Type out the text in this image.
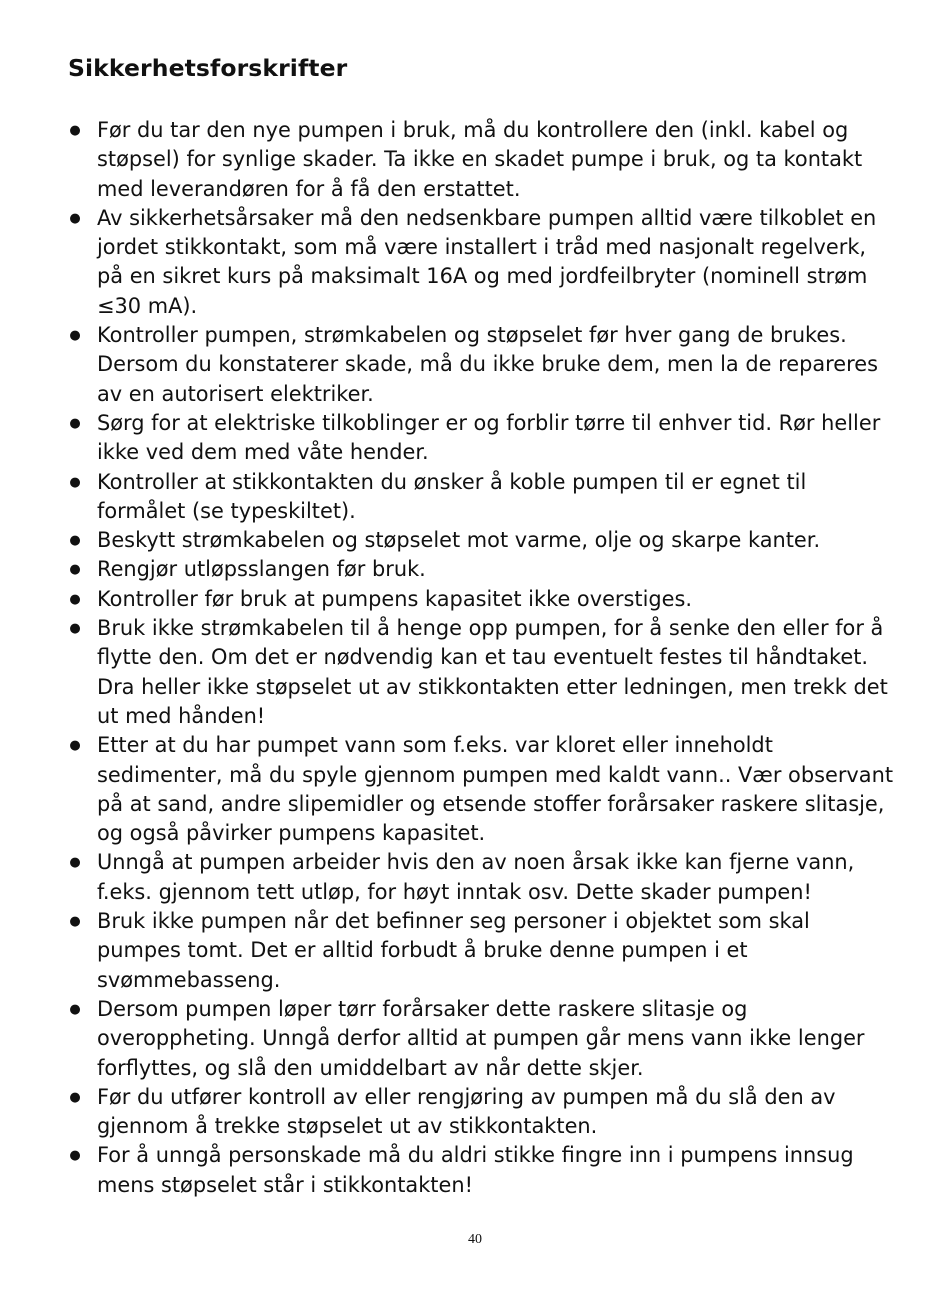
Sikkerhetsforskrifter
● Før du tar den nye pumpen i bruk, må du kontrollere den (inkl. kabel og støpsel) for synlige skader. Ta ikke en skadet pumpe i bruk, og ta kontakt med leverandøren for å få den erstattet.
● Av sikkerhetsårsaker må den nedsenkbare pumpen alltid være tilkoblet en jordet stikkontakt, som må være installert i tråd med nasjonalt regelverk, på en sikret kurs på maksimalt 16A og med jordfeilbryter (nominell strøm ≤30 mA).
● Kontroller pumpen, strømkabelen og støpselet før hver gang de brukes. Dersom du konstaterer skade, må du ikke bruke dem, men la de repareres av en autorisert elektriker.
● Sørg for at elektriske tilkoblinger er og forblir tørre til enhver tid. Rør heller ikke ved dem med våte hender.
● Kontroller at stikkontakten du ønsker å koble pumpen til er egnet til formålet (se typeskiltet).
● Beskytt strømkabelen og støpselet mot varme, olje og skarpe kanter.
● Rengjør utløpsslangen før bruk.
● Kontroller før bruk at pumpens kapasitet ikke overstiges.
● Bruk ikke strømkabelen til å henge opp pumpen, for å senke den eller for å flytte den. Om det er nødvendig kan et tau eventuelt festes til håndtaket. Dra heller ikke støpselet ut av stikkontakten etter ledningen, men trekk det ut med hånden!
● Etter at du har pumpet vann som f.eks. var kloret eller inneholdt sedimenter, må du spyle gjennom pumpen med kaldt vann.. Vær observant på at sand, andre slipemidler og etsende stoffer forårsaker raskere slitasje, og også påvirker pumpens kapasitet.
● Unngå at pumpen arbeider hvis den av noen årsak ikke kan fjerne vann, f.eks. gjennom tett utløp, for høyt inntak osv. Dette skader pumpen!
● Bruk ikke pumpen når det befinner seg personer i objektet som skal pumpes tomt. Det er alltid forbudt å bruke denne pumpen i et svømmebasseng.
● Dersom pumpen løper tørr forårsaker dette raskere slitasje og overoppheting. Unngå derfor alltid at pumpen går mens vann ikke lenger forflyttes, og slå den umiddelbart av når dette skjer.
● Før du utfører kontroll av eller rengjøring av pumpen må du slå den av gjennom å trekke støpselet ut av stikkontakten.
● For å unngå personskade må du aldri stikke fingre inn i pumpens innsug mens støpselet står i stikkontakten!
40
